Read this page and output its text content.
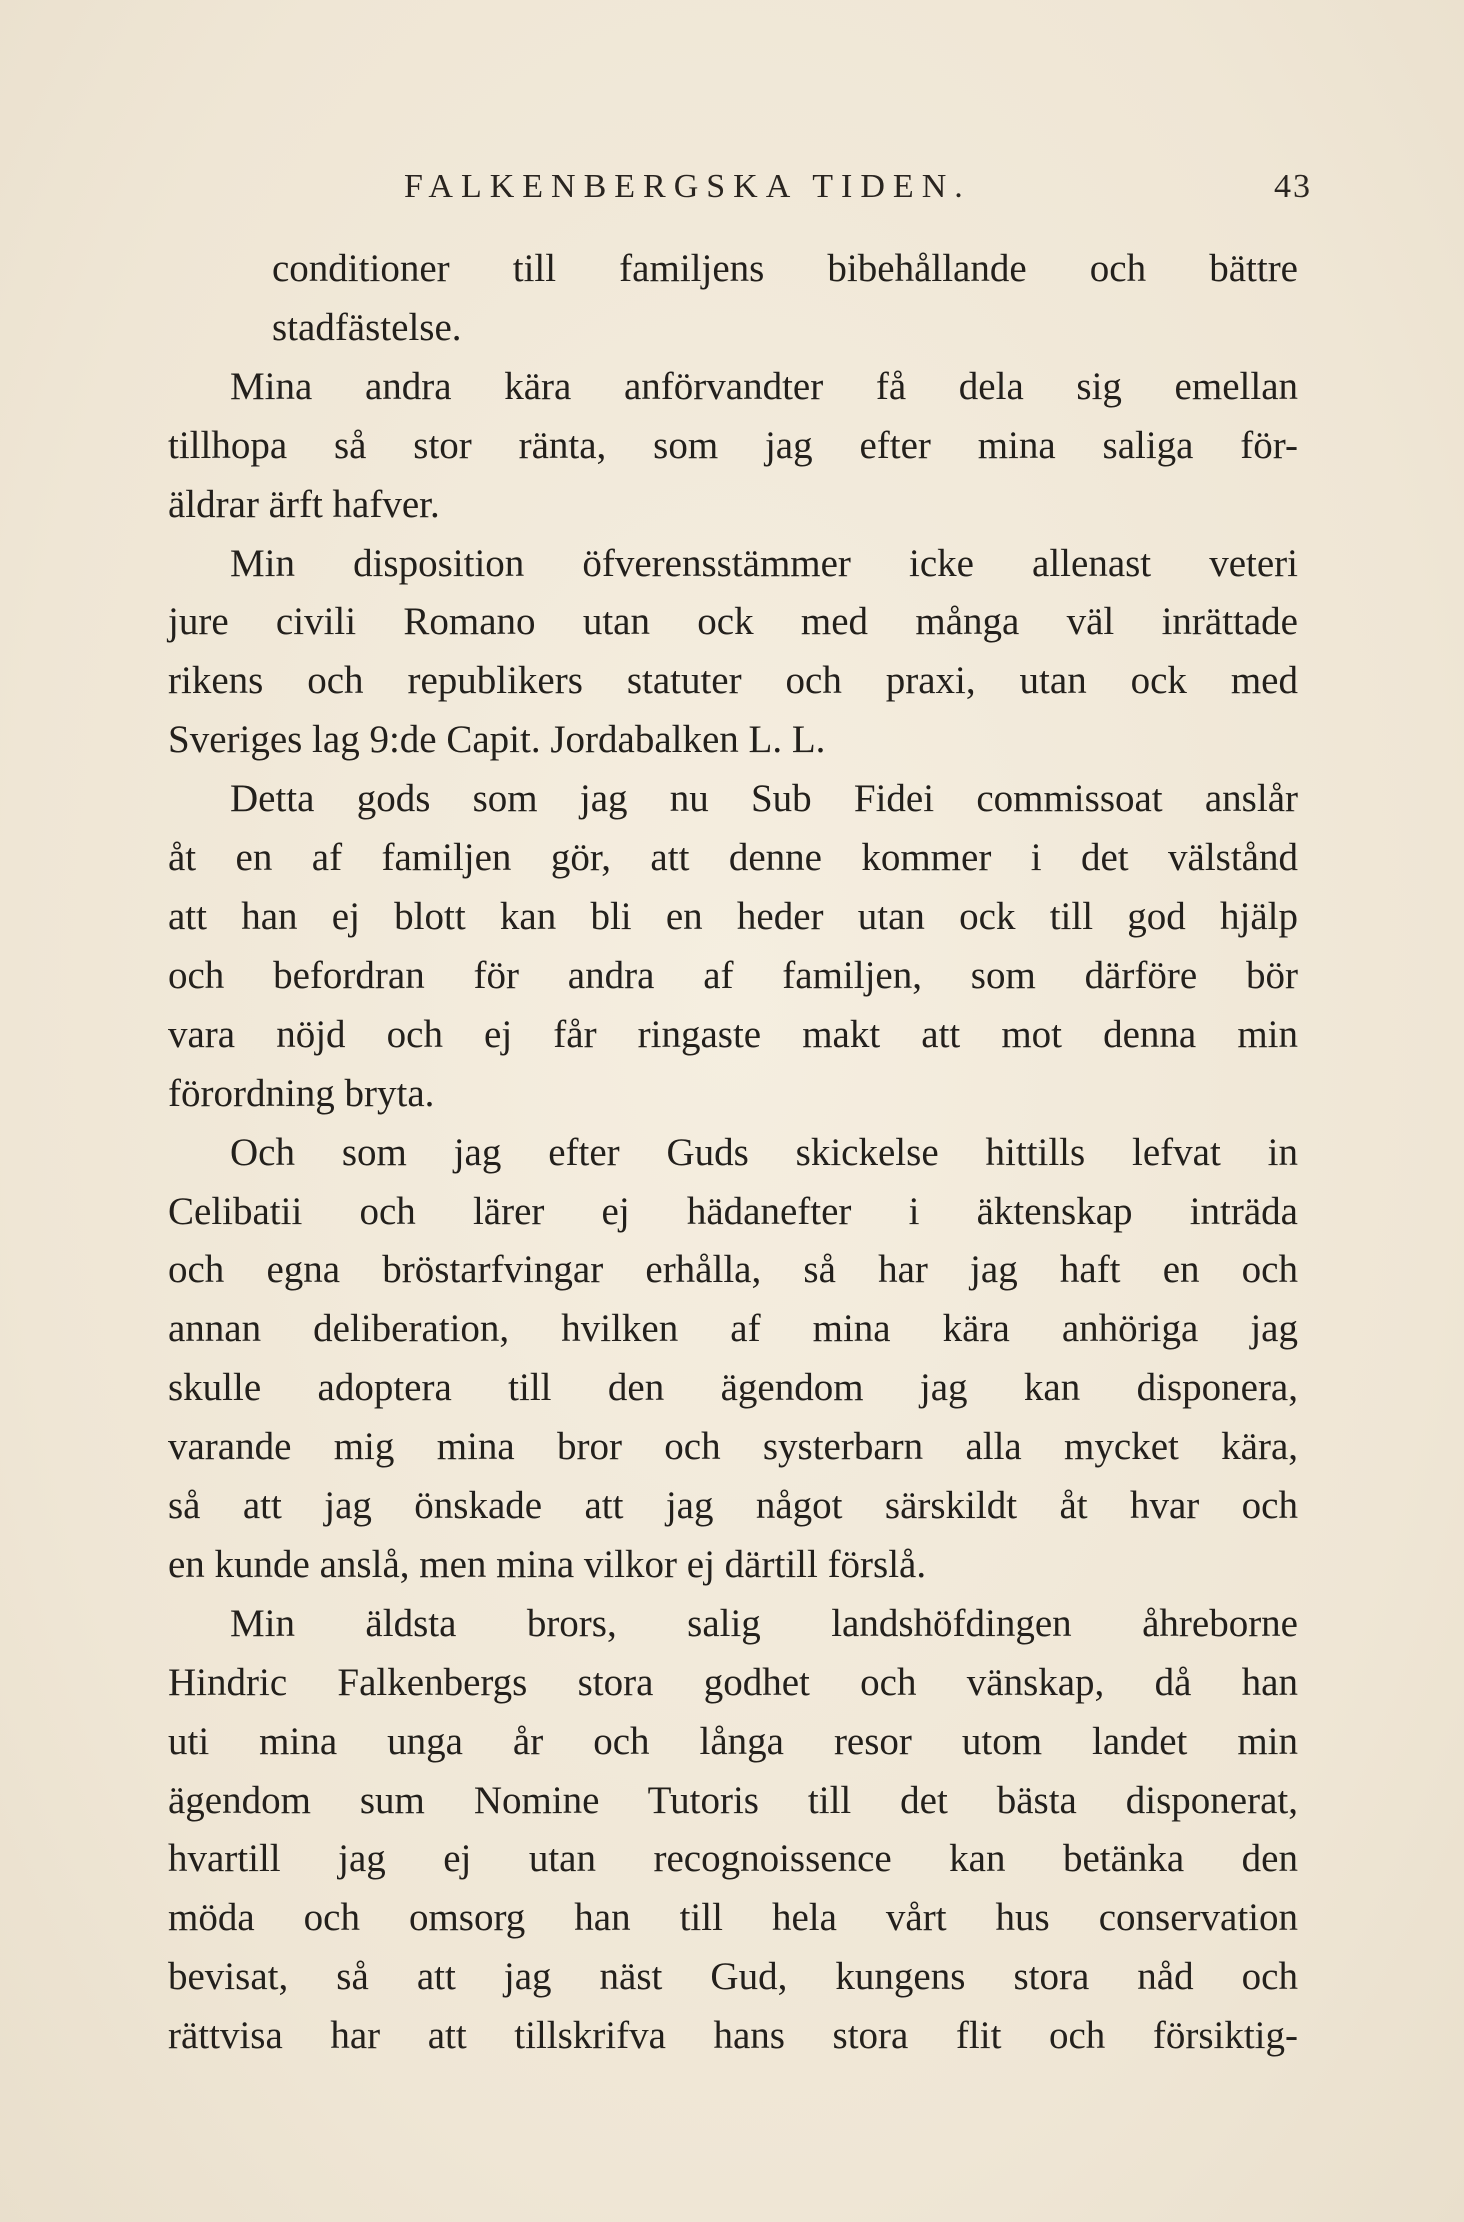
FALKENBERGSKA TIDEN.	43
conditioner till familjens bibehållande och bättre
stadfästelse.
Mina andra kära anförvandter få dela sig emellan
tillhopa så stor ränta, som jag efter mina saliga för-
äldrar ärft hafver.
Min disposition öfverensstämmer icke allenast veteri
jure civili Romano utan ock med många väl inrättade
rikens och republikers statuter och praxi, utan ock med
Sveriges lag 9:de Capit. Jordabalken L. L.
Detta gods som jag nu Sub Fidei commissoat anslår
åt en af familjen gör, att denne kommer i det välstånd
att han ej blott kan bli en heder utan ock till god hjälp
och befordran för andra af familjen, som därföre bör
vara nöjd och ej får ringaste makt att mot denna min
förordning bryta.
Och som jag efter Guds skickelse hittills lefvat in
Celibatii och lärer ej hädanefter i äktenskap inträda
och egna bröstarfvingar erhålla, så har jag haft en och
annan deliberation, hvilken af mina kära anhöriga jag
skulle adoptera till den ägendom jag kan disponera,
varande mig mina bror och systerbarn alla mycket kära,
så att jag önskade att jag något särskildt åt hvar och
en kunde anslå, men mina vilkor ej därtill förslå.
Min äldsta brors, salig landshöfdingen åhreborne
Hindric Falkenbergs stora godhet och vänskap, då han
uti mina unga år och långa resor utom landet min
ägendom sum Nomine Tutoris till det bästa disponerat,
hvartill jag ej utan recognoissence kan betänka den
möda och omsorg han till hela vårt hus conservation
bevisat, så att jag näst Gud, kungens stora nåd och
rättvisa har att tillskrifva hans stora flit och försiktig-
